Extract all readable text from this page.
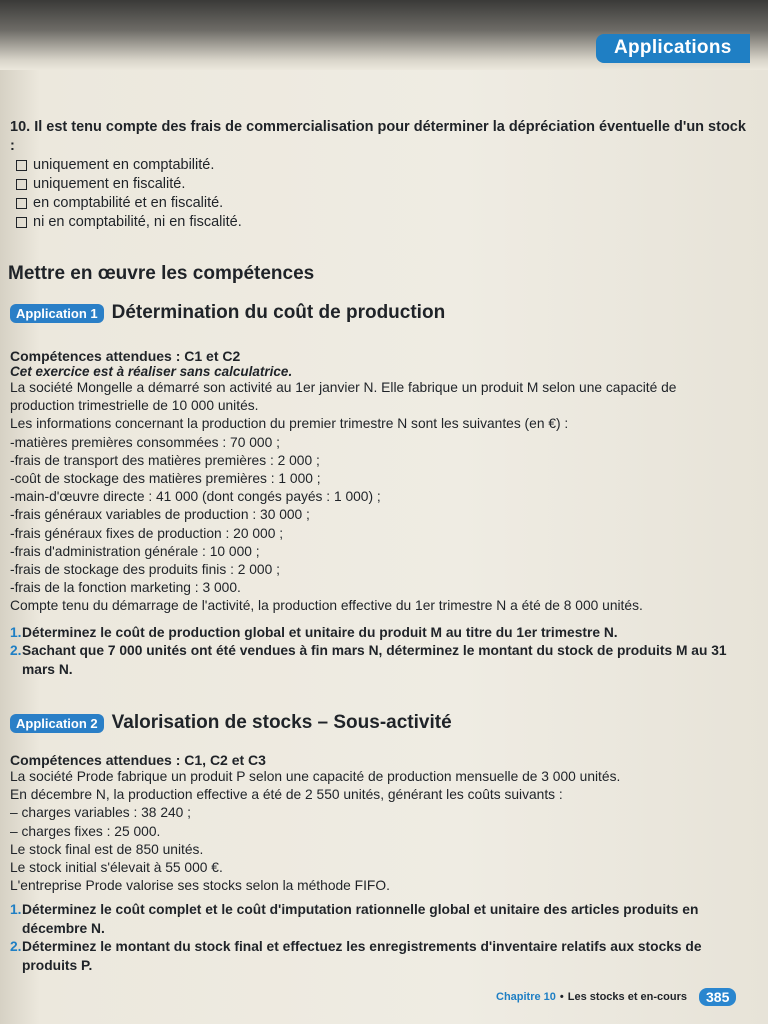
Applications
10. Il est tenu compte des frais de commercialisation pour déterminer la dépréciation éventuelle d'un stock :
uniquement en comptabilité.
uniquement en fiscalité.
en comptabilité et en fiscalité.
ni en comptabilité, ni en fiscalité.
Mettre en œuvre les compétences
Application 1 Détermination du coût de production
Compétences attendues : C1 et C2
Cet exercice est à réaliser sans calculatrice.
La société Mongelle a démarré son activité au 1er janvier N. Elle fabrique un produit M selon une capacité de
production trimestrielle de 10 000 unités.
Les informations concernant la production du premier trimestre N sont les suivantes (en €) :
-matières premières consommées : 70 000 ;
-frais de transport des matières premières : 2 000 ;
-coût de stockage des matières premières : 1 000 ;
-main-d'œuvre directe : 41 000 (dont congés payés : 1 000) ;
-frais généraux variables de production : 30 000 ;
-frais généraux fixes de production : 20 000 ;
-frais d'administration générale : 10 000 ;
-frais de stockage des produits finis : 2 000 ;
-frais de la fonction marketing : 3 000.
Compte tenu du démarrage de l'activité, la production effective du 1er trimestre N a été de 8 000 unités.
1. Déterminez le coût de production global et unitaire du produit M au titre du 1er trimestre N.
2. Sachant que 7 000 unités ont été vendues à fin mars N, déterminez le montant du stock de produits M au 31 mars N.
Application 2 Valorisation de stocks – Sous-activité
Compétences attendues : C1, C2 et C3
La société Prode fabrique un produit P selon une capacité de production mensuelle de 3 000 unités.
En décembre N, la production effective a été de 2 550 unités, générant les coûts suivants :
– charges variables : 38 240 ;
– charges fixes : 25 000.
Le stock final est de 850 unités.
Le stock initial s'élevait à 55 000 €.
L'entreprise Prode valorise ses stocks selon la méthode FIFO.
1. Déterminez le coût complet et le coût d'imputation rationnelle global et unitaire des articles produits en décembre N.
2. Déterminez le montant du stock final et effectuez les enregistrements d'inventaire relatifs aux stocks de produits P.
Chapitre 10 • Les stocks et en-cours	385
